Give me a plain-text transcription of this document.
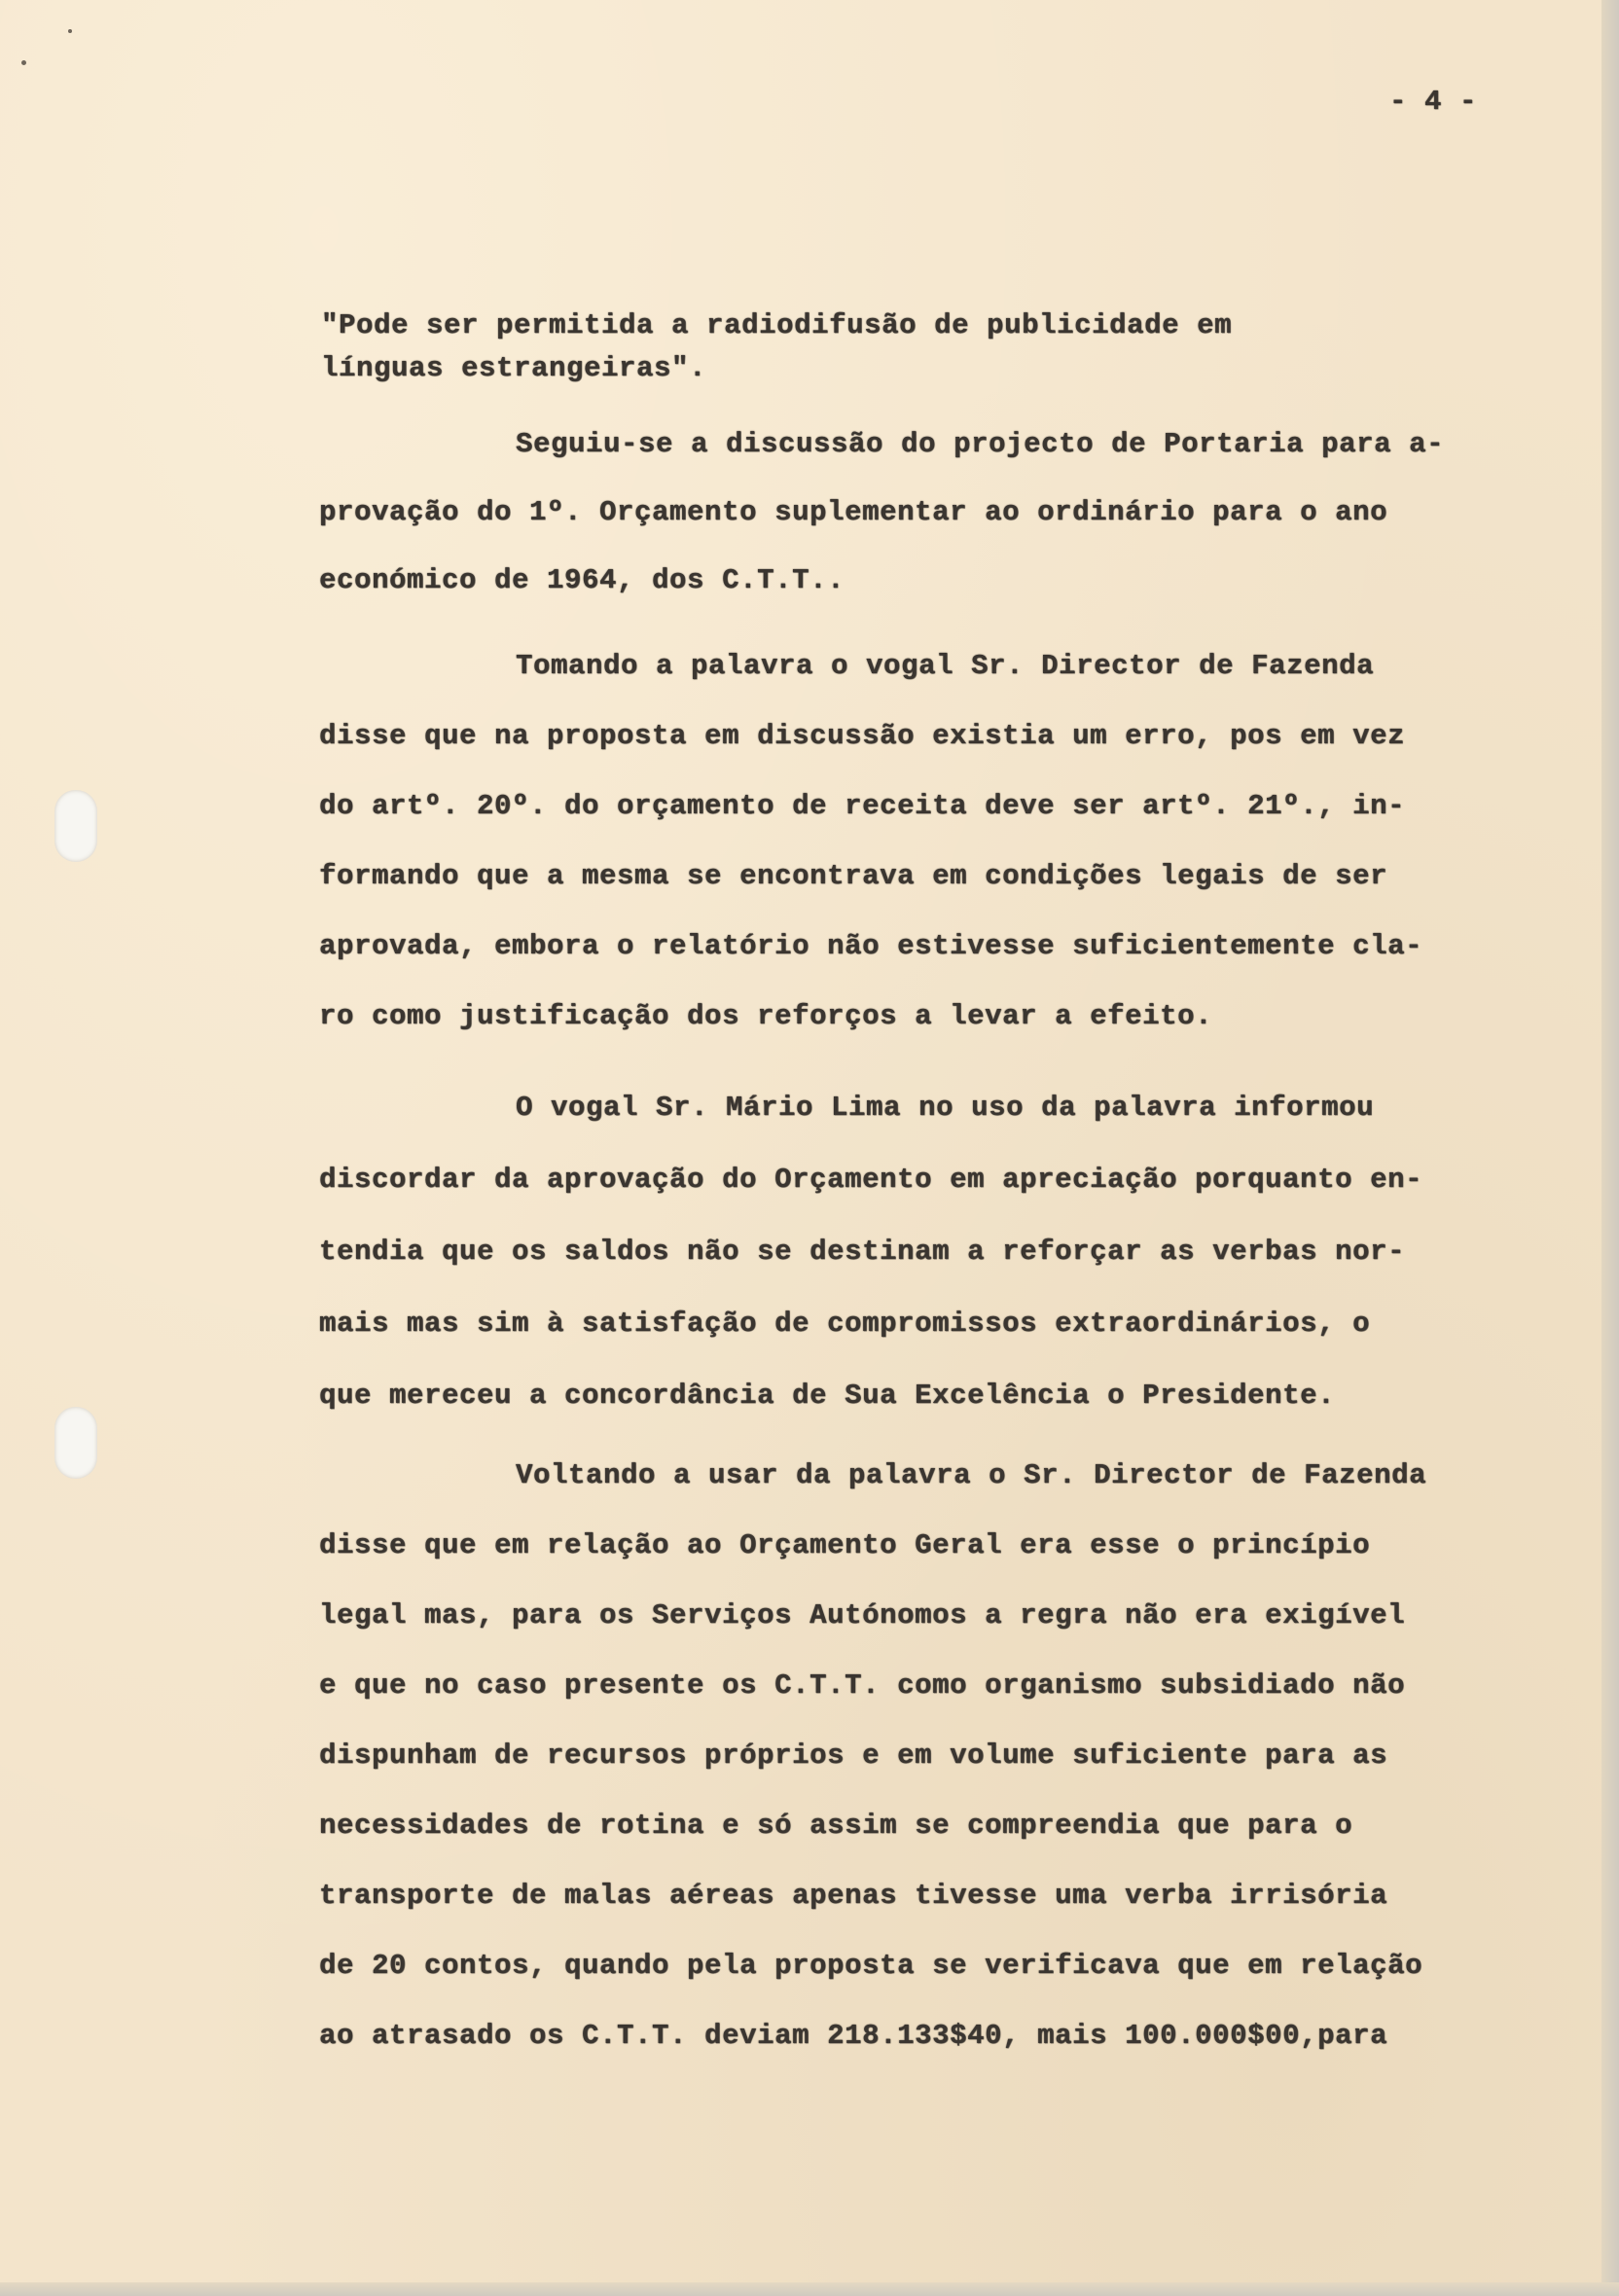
- 4 -
"Pode ser permitida a radiodifusão de publicidade em
línguas estrangeiras".
Seguiu-se a discussão do projecto de Portaria para a-
provação do 1º. Orçamento suplementar ao ordinário para o ano
económico de 1964, dos C.T.T..
Tomando a palavra o vogal Sr. Director de Fazenda
disse que na proposta em discussão existia um erro, pos em vez
do artº. 20º. do orçamento de receita deve ser artº. 21º., in-
formando que a mesma se encontrava em condições legais de ser
aprovada, embora o relatório não estivesse suficientemente cla-
ro como justificação dos reforços a levar a efeito.
O vogal Sr. Mário Lima no uso da palavra informou
discordar da aprovação do Orçamento em apreciação porquanto en-
tendia que os saldos não se destinam a reforçar as verbas nor-
mais mas sim à satisfação de compromissos extraordinários, o
que mereceu a concordância de Sua Excelência o Presidente.
Voltando a usar da palavra o Sr. Director de Fazenda
disse que em relação ao Orçamento Geral era esse o princípio
legal mas, para os Serviços Autónomos a regra não era exigível
e que no caso presente os C.T.T. como organismo subsidiado não
dispunham de recursos próprios e em volume suficiente para as
necessidades de rotina e só assim se compreendia que para o
transporte de malas aéreas apenas tivesse uma verba irrisória
de 20 contos, quando pela proposta se verificava que em relação
ao atrasado os C.T.T. deviam 218.133$40, mais 100.000$00,para
